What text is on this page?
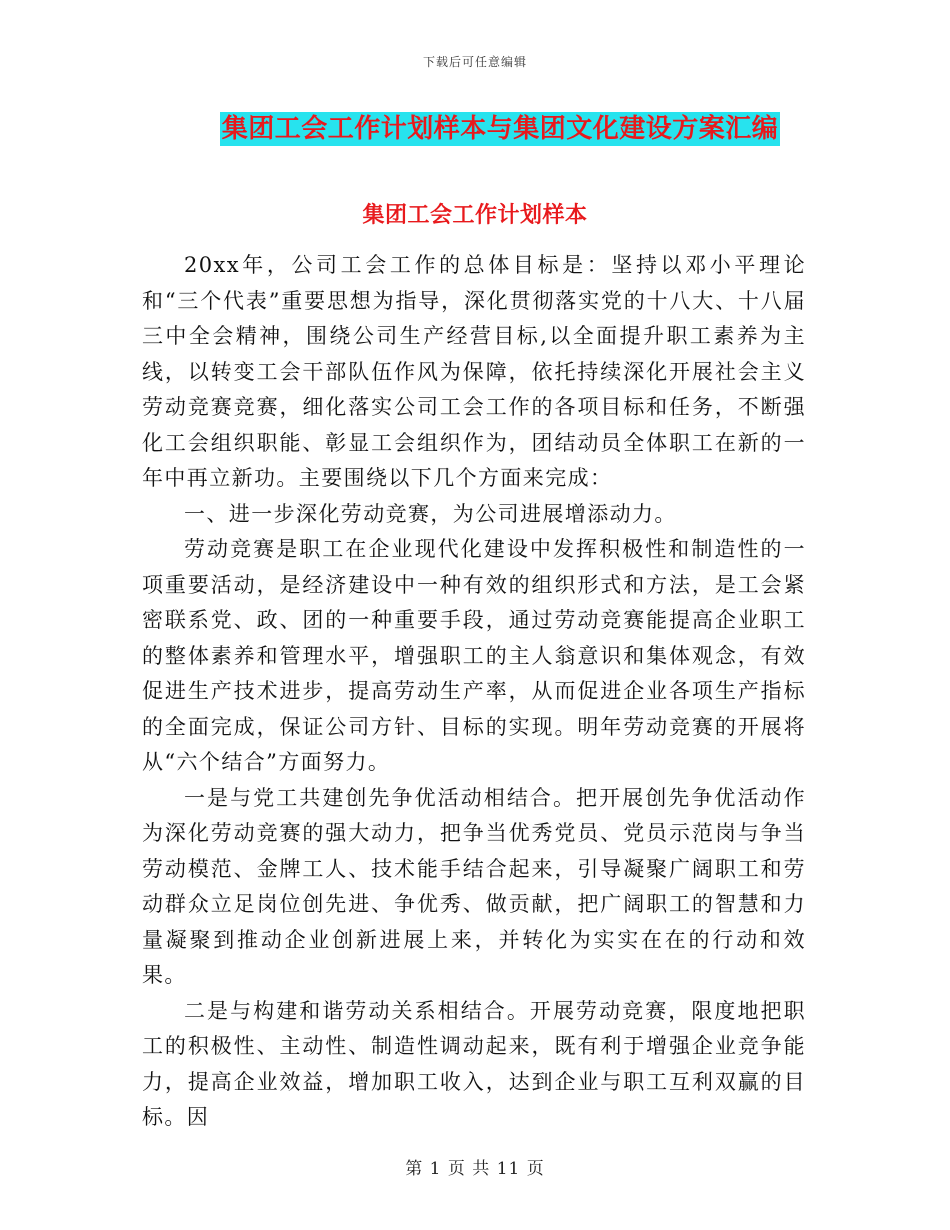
下载后可任意编辑
集团工会工作计划样本与集团文化建设方案汇编
集团工会工作计划样本

20xx年，公司工会工作的总体目标是：坚持以邓小平理论和“三个代表”重要思想为指导，深化贯彻落实党的十八大、十八届三中全会精神，围绕公司生产经营目标,以全面提升职工素养为主线，以转变工会干部队伍作风为保障，依托持续深化开展社会主义劳动竞赛竞赛，细化落实公司工会工作的各项目标和任务，不断强化工会组织职能、彰显工会组织作为，团结动员全体职工在新的一年中再立新功。主要围绕以下几个方面来完成：

一、进一步深化劳动竞赛，为公司进展增添动力。

劳动竞赛是职工在企业现代化建设中发挥积极性和制造性的一项重要活动，是经济建设中一种有效的组织形式和方法，是工会紧密联系党、政、团的一种重要手段，通过劳动竞赛能提高企业职工的整体素养和管理水平，增强职工的主人翁意识和集体观念，有效促进生产技术进步，提高劳动生产率，从而促进企业各项生产指标的全面完成，保证公司方针、目标的实现。明年劳动竞赛的开展将从“六个结合”方面努力。

一是与党工共建创先争优活动相结合。把开展创先争优活动作为深化劳动竞赛的强大动力，把争当优秀党员、党员示范岗与争当劳动模范、金牌工人、技术能手结合起来，引导凝聚广阔职工和劳动群众立足岗位创先进、争优秀、做贡献，把广阔职工的智慧和力量凝聚到推动企业创新进展上来，并转化为实实在在的行动和效果。

二是与构建和谐劳动关系相结合。开展劳动竞赛，限度地把职工的积极性、主动性、制造性调动起来，既有利于增强企业竞争能力，提高企业效益，增加职工收入，达到企业与职工互利双赢的目标。因

第 1 页 共 11 页
